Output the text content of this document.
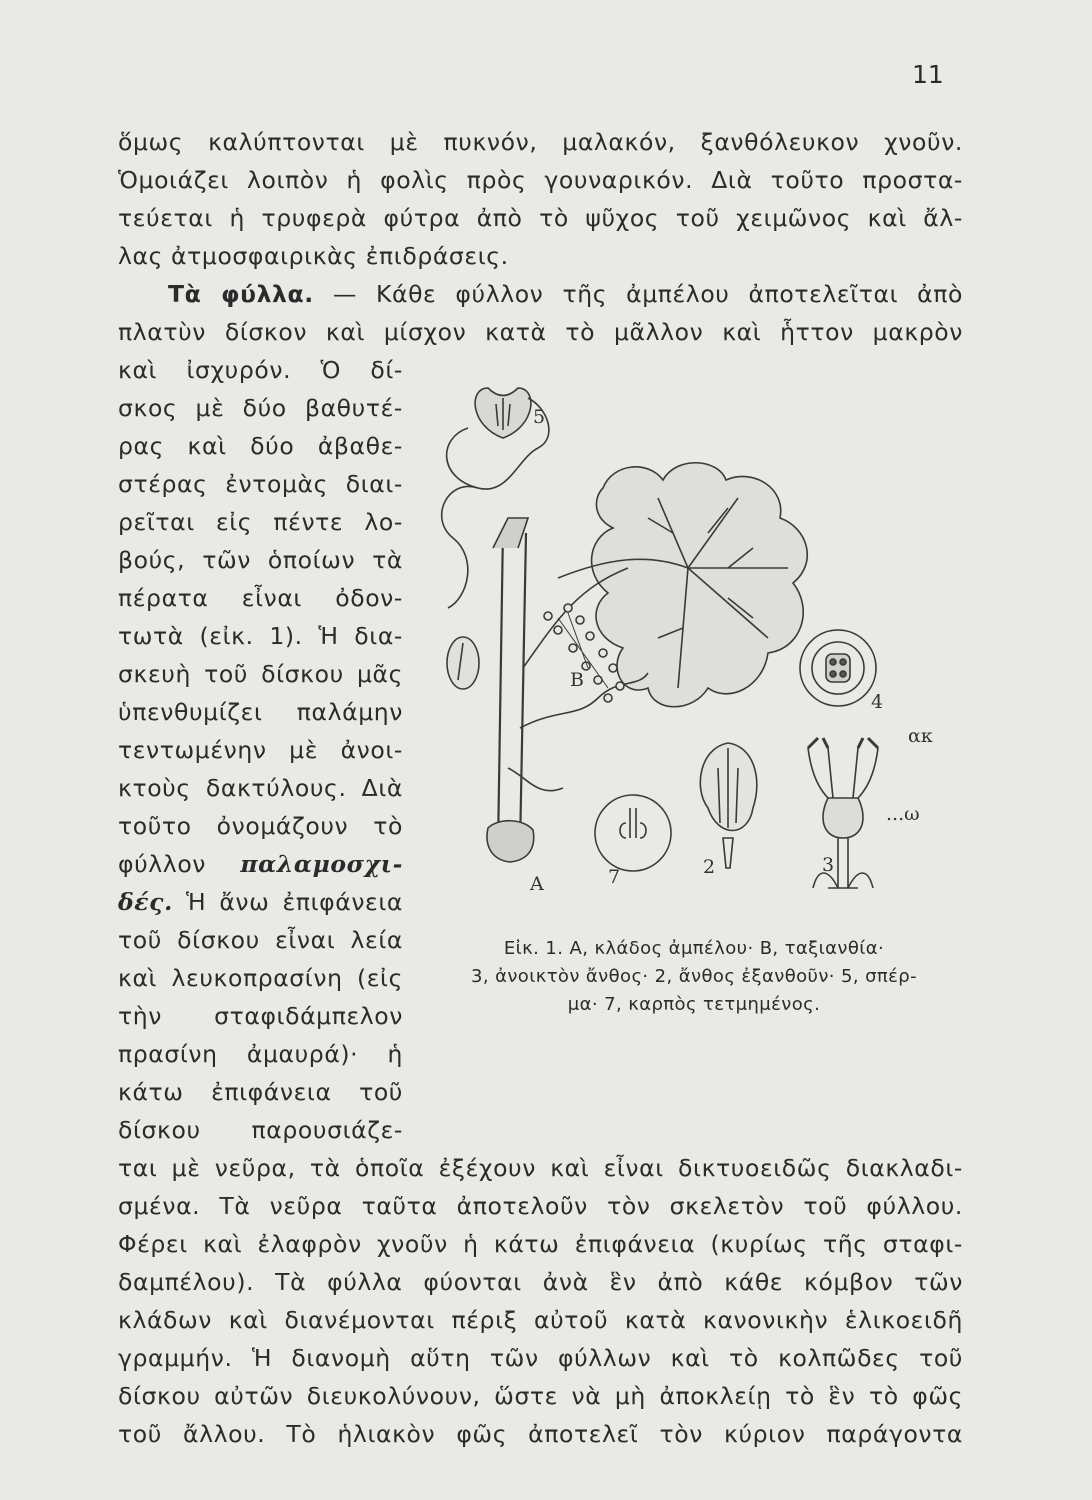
11
ὅμως καλύπτονται μὲ πυκνόν, μαλακόν, ξανθόλευκον χνοῦν.
Ὁμοιάζει λοιπὸν ἡ φολὶς πρὸς γουναρικόν. Διὰ τοῦτο προστα-
τεύεται ἡ τρυφερὰ φύτρα ἀπὸ τὸ ψῦχος τοῦ χειμῶνος καὶ ἄλ-
λας ἀτμοσφαιρικὰς ἐπιδράσεις.
Τὰ φύλλα. — Κάθε φύλλον τῆς ἀμπέλου ἀποτελεῖται ἀπὸ
πλατὺν δίσκον καὶ μίσχον κατὰ τὸ μᾶλλον καὶ ἧττον μακρὸν
καὶ ἰσχυρόν. Ὁ δί-
σκος μὲ δύο βαθυτέ-
ρας καὶ δύο ἀβαθε-
στέρας ἐντομὰς διαι-
ρεῖται εἰς πέντε λο-
βούς, τῶν ὁποίων τὰ
πέρατα εἶναι ὀδον-
τωτὰ (εἰκ. 1). Ἡ δια-
σκευὴ τοῦ δίσκου μᾶς
ὑπενθυμίζει παλάμην
τεντωμένην μὲ ἀνοι-
κτοὺς δακτύλους. Διὰ
τοῦτο ὀνομάζουν τὸ
φύλλον παλαμοσχι-
δές. Ἡ ἄνω ἐπιφάνεια
τοῦ δίσκου εἶναι λεία
καὶ λευκοπρασίνη (εἰς
τὴν σταφιδάμπελον
πρασίνη ἀμαυρά)· ἡ
κάτω ἐπιφάνεια τοῦ
δίσκου παρουσιάζε-
ται μὲ νεῦρα, τὰ ὁποῖα ἐξέχουν καὶ εἶναι δικτυοειδῶς διακλαδι-
σμένα. Τὰ νεῦρα ταῦτα ἀποτελοῦν τὸν σκελετὸν τοῦ φύλλου.
Φέρει καὶ ἐλαφρὸν χνοῦν ἡ κάτω ἐπιφάνεια (κυρίως τῆς σταφι-
δαμπέλου). Τὰ φύλλα φύονται ἀνὰ ἓν ἀπὸ κάθε κόμβον τῶν
κλάδων καὶ διανέμονται πέριξ αὐτοῦ κατὰ κανονικὴν ἑλικοειδῆ
γραμμήν. Ἡ διανομὴ αὕτη τῶν φύλλων καὶ τὸ κολπῶδες τοῦ
δίσκου αὐτῶν διευκολύνουν, ὥστε νὰ μὴ ἀποκλείῃ τὸ ἓν τὸ φῶς
τοῦ ἄλλου. Τὸ ἡλιακὸν φῶς ἀποτελεῖ τὸν κύριον παράγοντα
5
B
4
ακ
...ω
A	7	2	3
Εἰκ. 1. Α, κλάδος ἀμπέλου· Β, ταξιανθία·
3, ἀνοικτὸν ἄνθος· 2, ἄνθος ἐξανθοῦν· 5, σπέρ-
μα· 7, καρπὸς τετμημένος.
